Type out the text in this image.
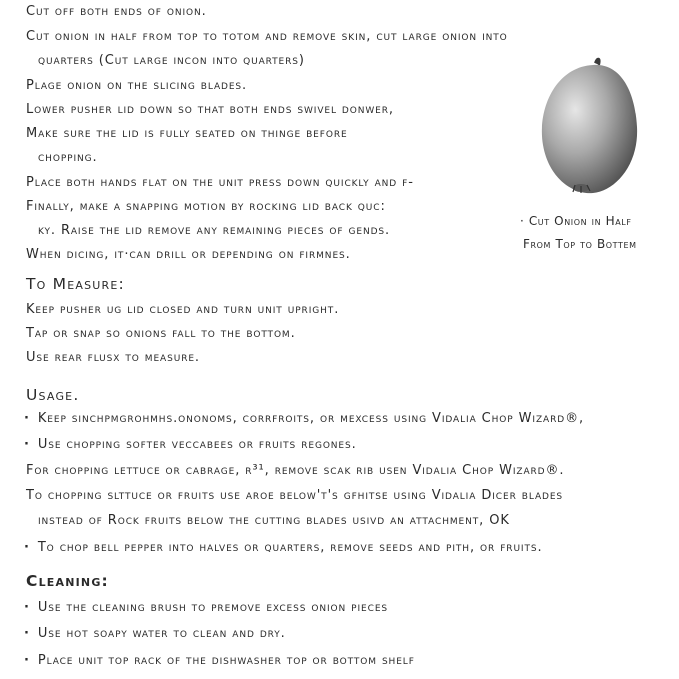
Cut off both ends of onion.
Cut onion in half from top to totom and remove skin, cut large onion into
quarters (Cut large incon into quarters)
Plage onion on the slicing blades.
Lower pusher lid down so that both ends swivel donwer,
Make sure the lid is fully seated on thinge before
chopping.
Place both hands flat on the unit press down quickly and f-
Finally, make a snapping motion by rocking lid back quc:
ky. Raise the lid remove any remaining pieces of gends.
When dicing, it·can drill or depending on firmnes.
· Cut Onion in Half
From Top to Bottem
To Measure:
Keep pusher ug lid closed and turn unit upright.
Tap or snap so onions fall to the bottom.
Use rear flusx to measure.
Usage.
· Keep sinchpmgrohmhs.ononoms, corrfroits, or mexcess using Vidalia Chop Wizard®,
· Use chopping softer veccabees or fruits regones.
For chopping lettuce or cabrage, r³¹, remove scak rib usen Vidalia Chop Wizard®.
To chopping slttuce or fruits use aroe below't's gfhitse using Vidalia Dicer blades
instead of Rock fruits below the cutting blades usivd an attachment, OK
· To chop bell pepper into halves or quarters, remove seeds and pith, or fruits.
Cleaning:
· Use the cleaning brush to premove excess onion pieces
· Use hot soapy water to clean and dry.
· Place unit top rack of the dishwasher top or bottom shelf
